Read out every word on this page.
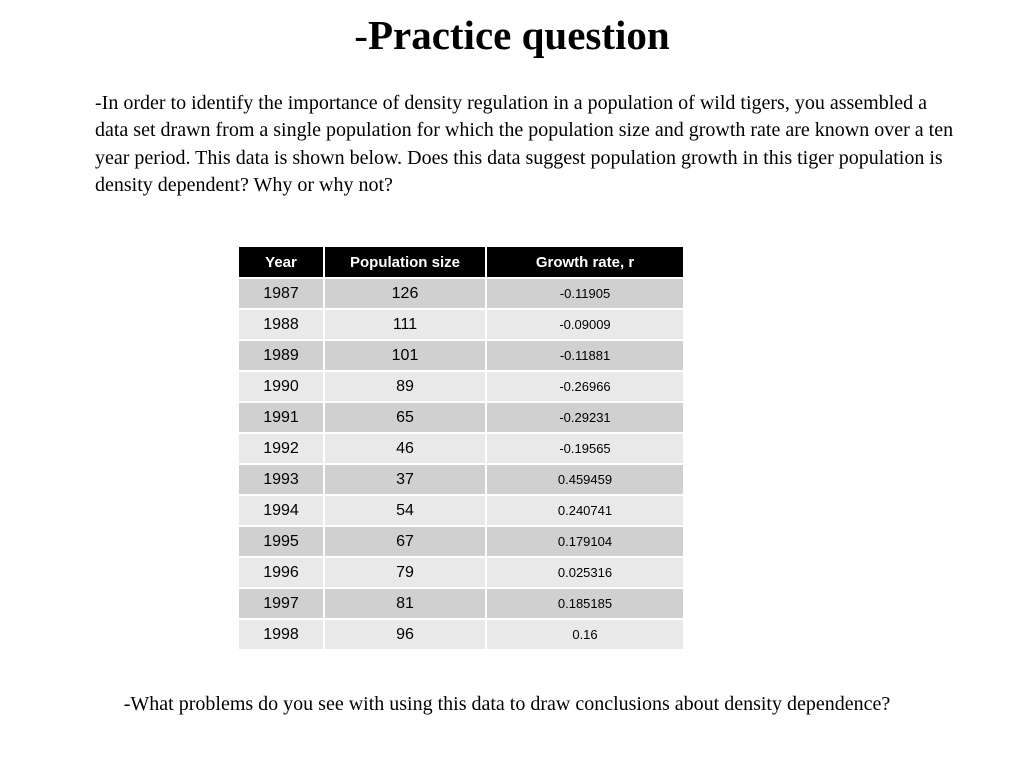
-Practice question
-In order to identify the importance of density regulation in a population of wild tigers, you assembled a data set drawn from a single population for which the population size and growth rate are known over a ten year period. This data is shown below. Does this data suggest population growth in this tiger population is density dependent? Why or why not?
Year	Population size	Growth rate, r
1987	126	-0.11905
1988	111	-0.09009
1989	101	-0.11881
1990	89	-0.26966
1991	65	-0.29231
1992	46	-0.19565
1993	37	0.459459
1994	54	0.240741
1995	67	0.179104
1996	79	0.025316
1997	81	0.185185
1998	96	0.16
-What problems do you see with using this data to draw conclusions about density dependence?
